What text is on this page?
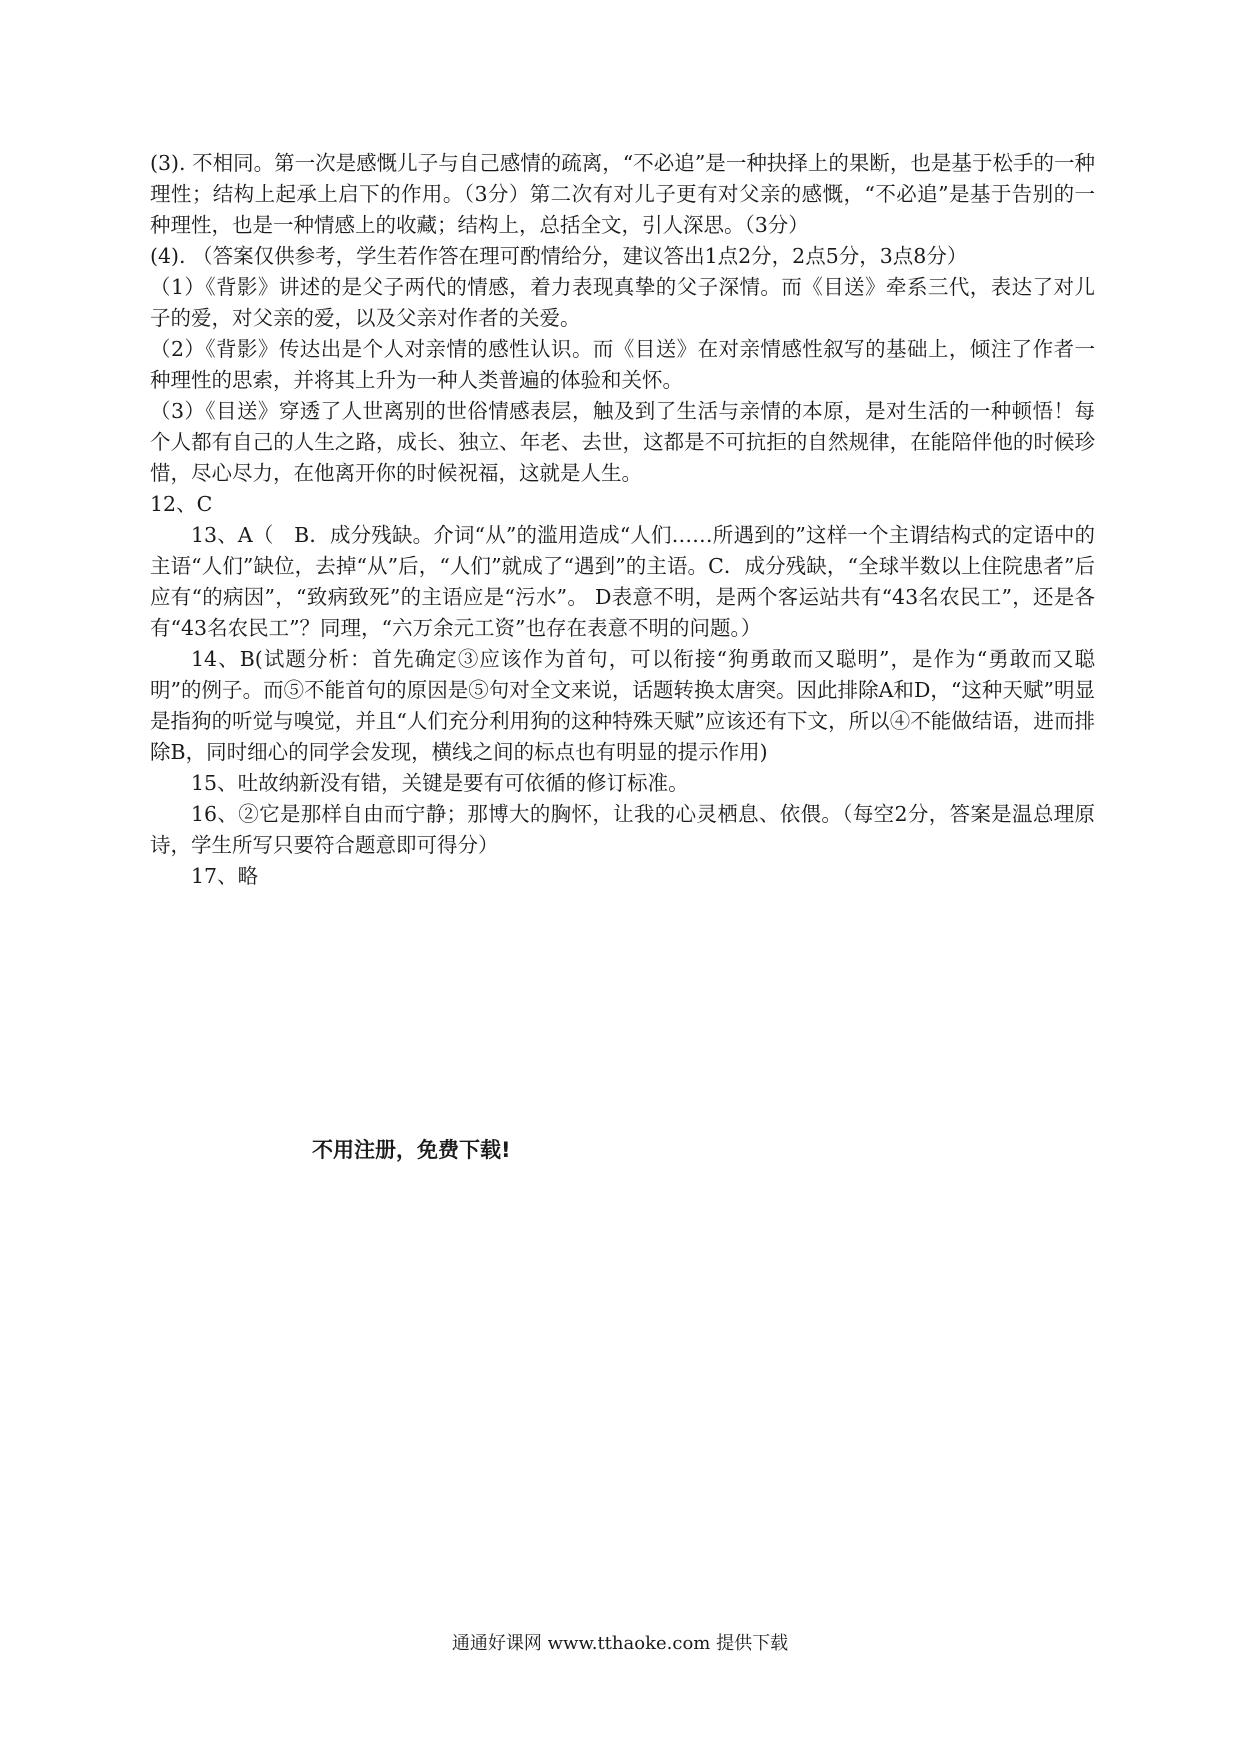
(3). 不相同。第一次是感慨儿子与自己感情的疏离，“不必追”是一种抉择上的果断，也是基于松手的一种理性；结构上起承上启下的作用。（3分）第二次有对儿子更有对父亲的感慨，“不必追”是基于告别的一种理性，也是一种情感上的收藏；结构上，总括全文，引人深思。（3分）

(4). （答案仅供参考，学生若作答在理可酌情给分，建议答出1点2分，2点5分，3点8分）

（1）《背影》讲述的是父子两代的情感，着力表现真挚的父子深情。而《目送》牵系三代，表达了对儿子的爱，对父亲的爱，以及父亲对作者的关爱。

（2）《背影》传达出是个人对亲情的感性认识。而《目送》在对亲情感性叙写的基础上，倾注了作者一种理性的思索，并将其上升为一种人类普遍的体验和关怀。

（3）《目送》穿透了人世离别的世俗情感表层，触及到了生活与亲情的本原，是对生活的一种顿悟！每个人都有自己的人生之路，成长、独立、年老、去世，这都是不可抗拒的自然规律，在能陪伴他的时候珍惜，尽心尽力，在他离开你的时候祝福，这就是人生。

12、C

13、A（　B．成分残缺。介词“从”的滥用造成“人们……所遇到的”这样一个主谓结构式的定语中的主语“人们”缺位，去掉“从”后，“人们”就成了“遇到”的主语。C．成分残缺，“全球半数以上住院患者”后应有“的病因”，“致病致死”的主语应是“污水”。 D表意不明，是两个客运站共有“43名农民工”，还是各有“43名农民工”？同理，“六万余元工资”也存在表意不明的问题。）

14、B(试题分析：首先确定③应该作为首句，可以衔接“狗勇敢而又聪明”，是作为“勇敢而又聪明”的例子。而⑤不能首句的原因是⑤句对全文来说，话题转换太唐突。因此排除A和D，“这种天赋”明显是指狗的听觉与嗅觉，并且“人们充分利用狗的这种特殊天赋”应该还有下文，所以④不能做结语，进而排除B，同时细心的同学会发现，横线之间的标点也有明显的提示作用)

15、吐故纳新没有错，关键是要有可依循的修订标准。

16、②它是那样自由而宁静；那博大的胸怀，让我的心灵栖息、依偎。（每空2分，答案是温总理原诗，学生所写只要符合题意即可得分）

17、略

不用注册，免费下载!

通通好课网 www.tthaoke.com 提供下载
